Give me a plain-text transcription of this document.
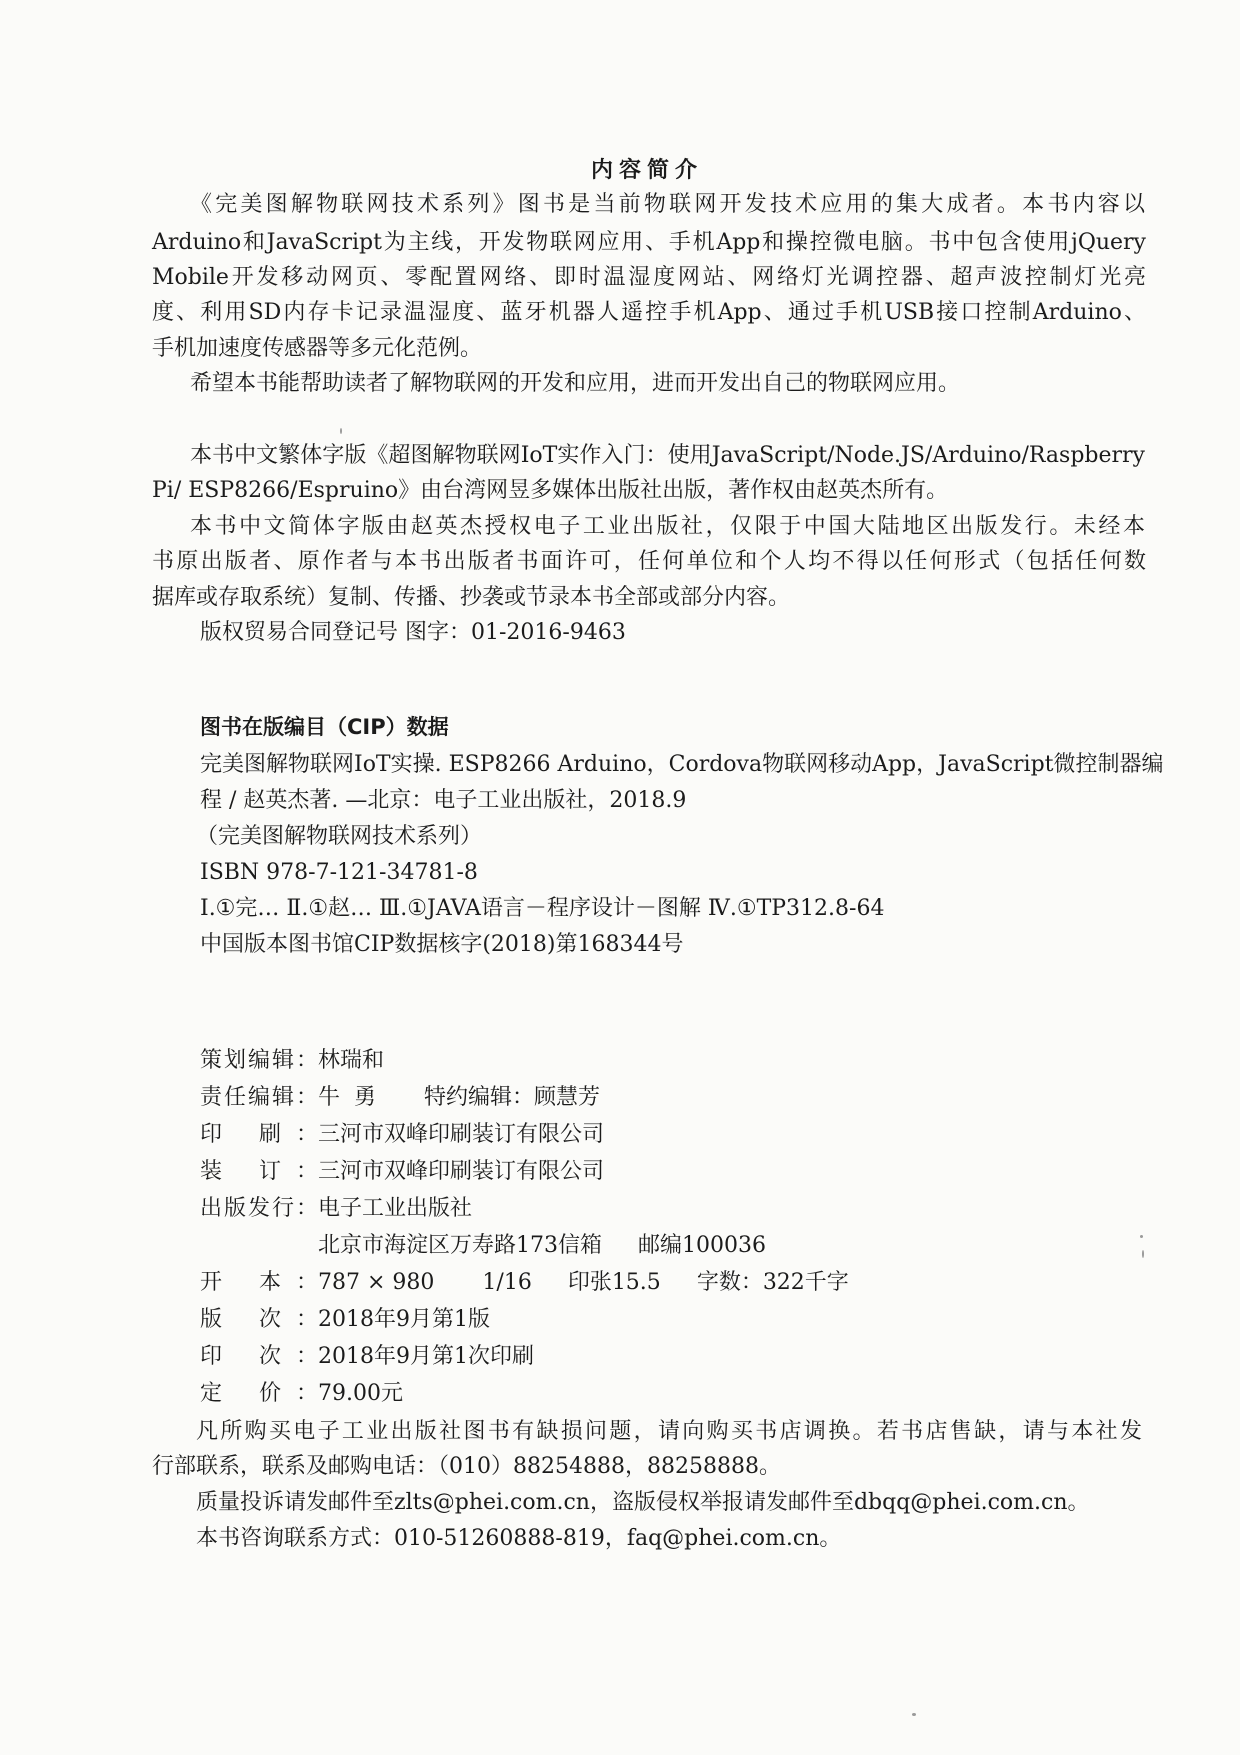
内容简介
《完美图解物联网技术系列》图书是当前物联网开发技术应用的集大成者。本书内容以
Arduino和JavaScript为主线，开发物联网应用、手机App和操控微电脑。书中包含使用jQuery
Mobile开发移动网页、零配置网络、即时温湿度网站、网络灯光调控器、超声波控制灯光亮
度、利用SD内存卡记录温湿度、蓝牙机器人遥控手机App、通过手机USB接口控制Arduino、
手机加速度传感器等多元化范例。
希望本书能帮助读者了解物联网的开发和应用，进而开发出自己的物联网应用。
本书中文繁体字版《超图解物联网IoT实作入门：使用JavaScript/Node.JS/Arduino/Raspberry
Pi/ ESP8266/Espruino》由台湾网昱多媒体出版社出版，著作权由赵英杰所有。
本书中文简体字版由赵英杰授权电子工业出版社，仅限于中国大陆地区出版发行。未经本
书原出版者、原作者与本书出版者书面许可，任何单位和个人均不得以任何形式（包括任何数
据库或存取系统）复制、传播、抄袭或节录本书全部或部分内容。
版权贸易合同登记号 图字：01-2016-9463
图书在版编目（CIP）数据
完美图解物联网IoT实操. ESP8266 Arduino，Cordova物联网移动App，JavaScript微控制器编
程 / 赵英杰著. —北京：电子工业出版社，2018.9
（完美图解物联网技术系列）
ISBN 978-7-121-34781-8
Ⅰ.①完… Ⅱ.①赵… Ⅲ.①JAVA语言－程序设计－图解 Ⅳ.①TP312.8-64
中国版本图书馆CIP数据核字(2018)第168344号
策划编辑：林瑞和
责任编辑：牛  勇 特约编辑：顾慧芳
印 刷：三河市双峰印刷装订有限公司
装 订：三河市双峰印刷装订有限公司
出版发行：电子工业出版社
北京市海淀区万寿路173信箱 邮编100036
开 本：787 × 980 1/16 印张15.5 字数：322千字
版 次：2018年9月第1版
印 次：2018年9月第1次印刷
定 价：79.00元
凡所购买电子工业出版社图书有缺损问题，请向购买书店调换。若书店售缺，请与本社发
行部联系，联系及邮购电话：（010）88254888，88258888。
质量投诉请发邮件至zlts@phei.com.cn，盗版侵权举报请发邮件至dbqq@phei.com.cn。
本书咨询联系方式：010-51260888-819，faq@phei.com.cn。
